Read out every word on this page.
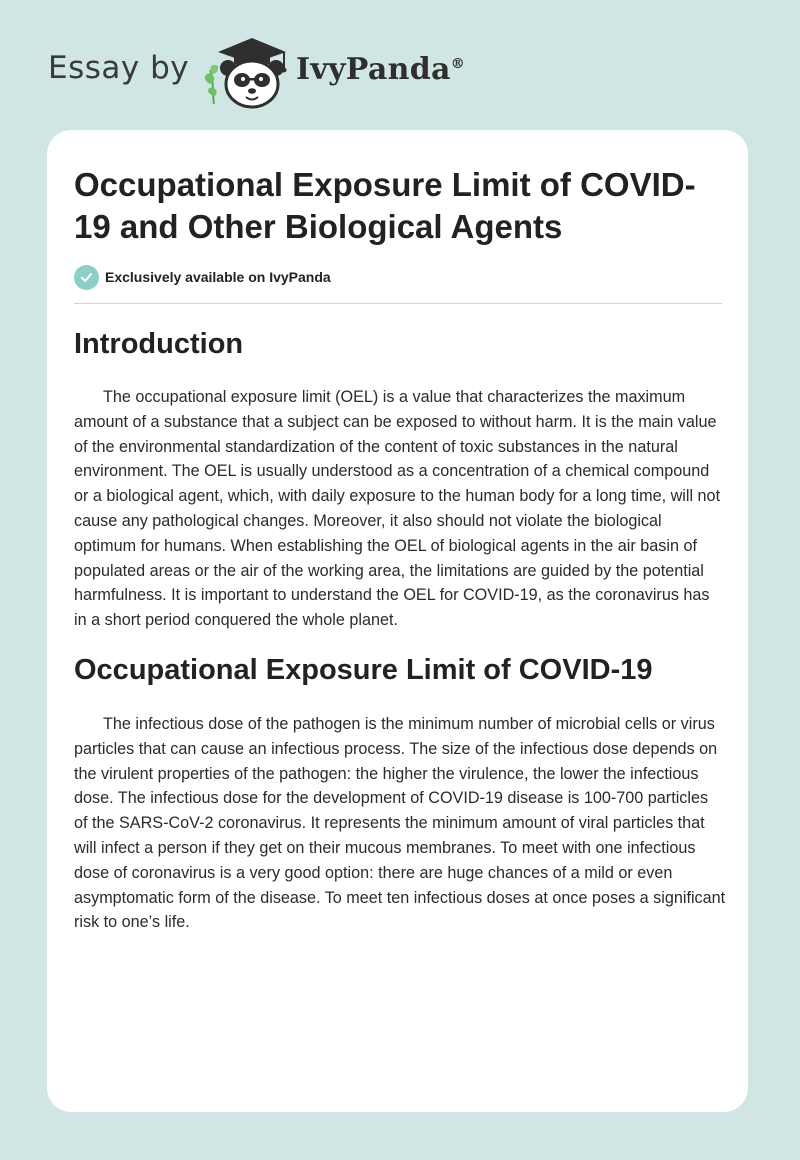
Essay by	IvyPanda®
Occupational Exposure Limit of COVID-19 and Other Biological Agents
Exclusively available on IvyPanda
Introduction

The occupational exposure limit (OEL) is a value that characterizes the maximum amount of a substance that a subject can be exposed to without harm. It is the main value of the environmental standardization of the content of toxic substances in the natural environment. The OEL is usually understood as a concentration of a chemical compound or a biological agent, which, with daily exposure to the human body for a long time, will not cause any pathological changes. Moreover, it also should not violate the biological optimum for humans. When establishing the OEL of biological agents in the air basin of populated areas or the air of the working area, the limitations are guided by the potential harmfulness. It is important to understand the OEL for COVID-19, as the coronavirus has in a short period conquered the whole planet.

Occupational Exposure Limit of COVID-19

The infectious dose of the pathogen is the minimum number of microbial cells or virus particles that can cause an infectious process. The size of the infectious dose depends on the virulent properties of the pathogen: the higher the virulence, the lower the infectious dose. The infectious dose for the development of COVID-19 disease is 100-700 particles of the SARS-CoV-2 coronavirus. It represents the minimum amount of viral particles that will infect a person if they get on their mucous membranes. To meet with one infectious dose of coronavirus is a very good option: there are huge chances of a mild or even asymptomatic form of the disease. To meet ten infectious doses at once poses a significant risk to one’s life.
